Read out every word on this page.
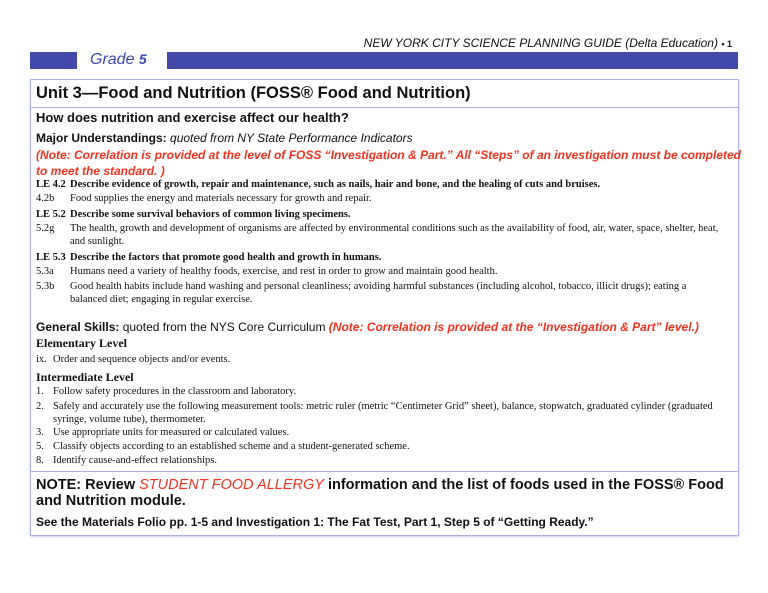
NEW YORK CITY SCIENCE PLANNING GUIDE (Delta Education) • 1
Grade 5
Unit 3—Food and Nutrition (FOSS® Food and Nutrition)
How does nutrition and exercise affect our health?
Major Understandings: quoted from NY State Performance Indicators
(Note: Correlation is provided at the level of FOSS “Investigation & Part.” All “Steps” of an investigation must be completed
to meet the standard. )
LE 4.2 Describe evidence of growth, repair and maintenance, such as nails, hair and bone, and the healing of cuts and bruises.
4.2b Food supplies the energy and materials necessary for growth and repair.
LE 5.2 Describe some survival behaviors of common living specimens.
5.2g The health, growth and development of organisms are affected by environmental conditions such as the availability of food, air, water, space, shelter, heat,
and sunlight.
LE 5.3 Describe the factors that promote good health and growth in humans.
5.3a Humans need a variety of healthy foods, exercise, and rest in order to grow and maintain good health.
5.3b Good health habits include hand washing and personal cleanliness; avoiding harmful substances (including alcohol, tobacco, illicit drugs); eating a
balanced diet; engaging in regular exercise.
General Skills: quoted from the NYS Core Curriculum (Note: Correlation is provided at the “Investigation & Part” level.)
Elementary Level
ix. Order and sequence objects and/or events.
Intermediate Level
1. Follow safety procedures in the classroom and laboratory.
2. Safely and accurately use the following measurement tools: metric ruler (metric “Centimeter Grid” sheet), balance, stopwatch, graduated cylinder (graduated
syringe, volume tube), thermometer.
3. Use appropriate units for measured or calculated values.
5. Classify objects according to an established scheme and a student-generated scheme.
8. Identify cause-and-effect relationships.
NOTE: Review STUDENT FOOD ALLERGY information and the list of foods used in the FOSS® Food
and Nutrition module.
See the Materials Folio pp. 1-5 and Investigation 1: The Fat Test, Part 1, Step 5 of “Getting Ready.”
